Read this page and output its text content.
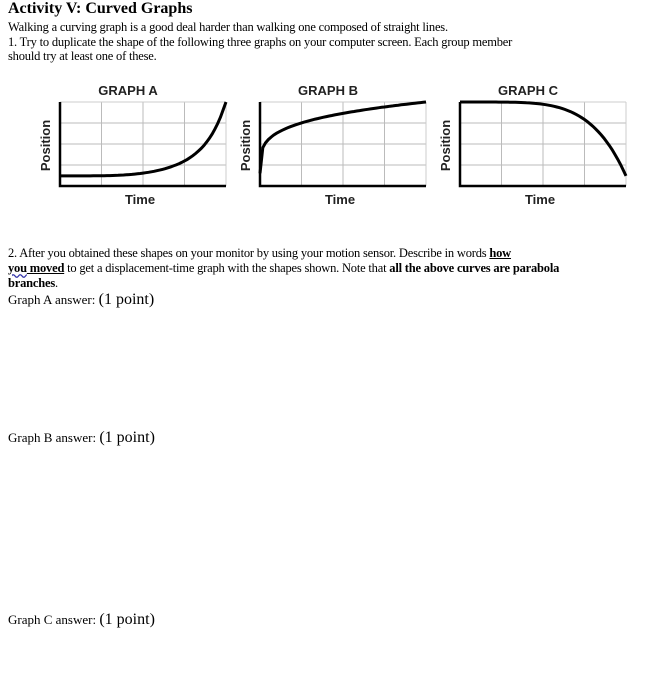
Activity V: Curved Graphs
Walking a curving graph is a good deal harder than walking one composed of straight lines.
1. Try to duplicate the shape of the following three graphs on your computer screen. Each group member
should try at least one of these.
GRAPH A
Position
Time
GRAPH B
Position
Time
GRAPH C
Position
Time
2. After you obtained these shapes on your monitor by using your motion sensor. Describe in words how
you moved to get a displacement-time graph with the shapes shown. Note that all the above curves are parabola
branches.
Graph A answer: (1 point)
Graph B answer: (1 point)
Graph C answer: (1 point)
